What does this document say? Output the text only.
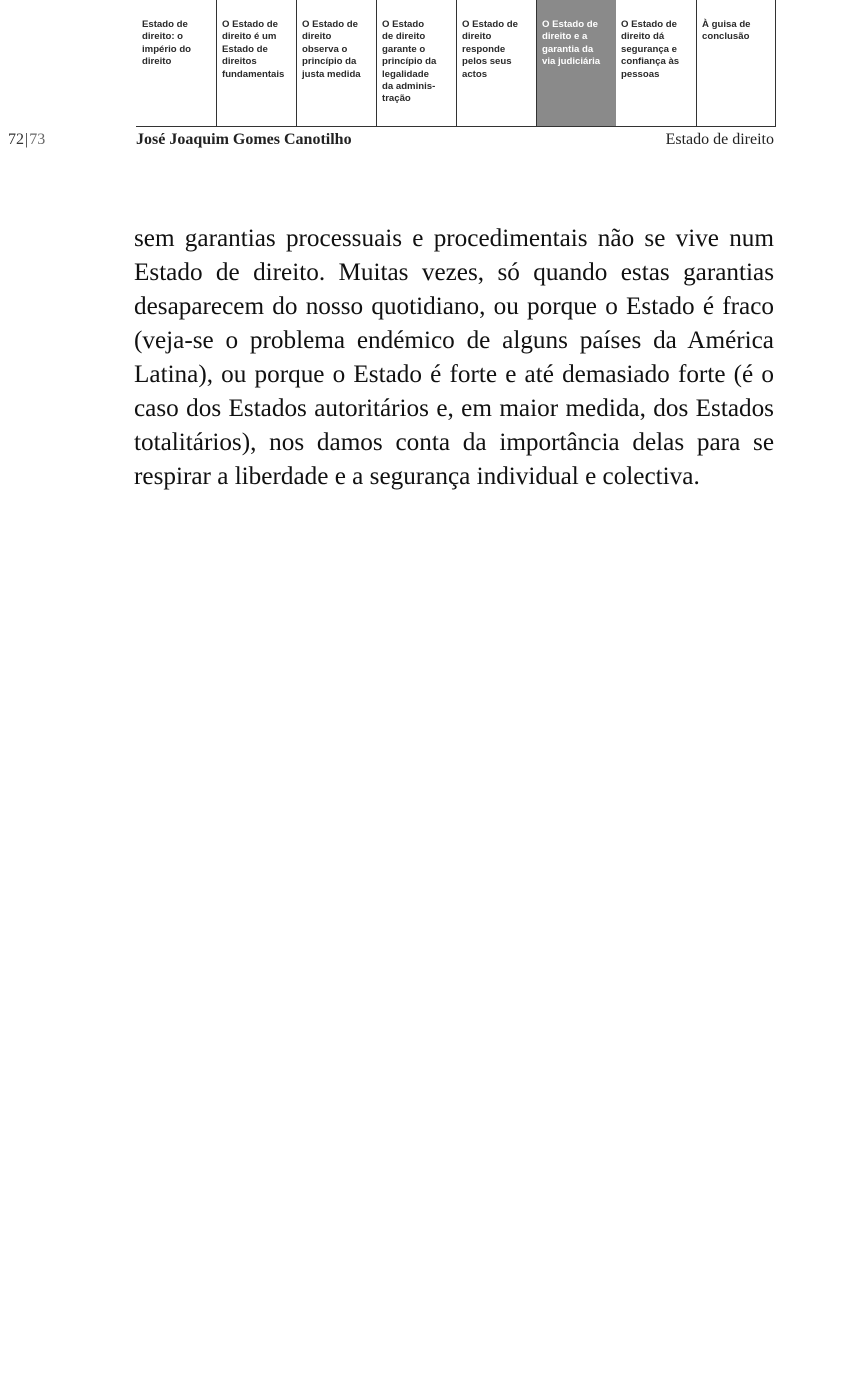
Estado de
direito: o
império do
direito
O Estado de
direito é um
Estado de
direitos
fundamentais
O Estado de
direito
observa o
princípio da
justa medida
O Estado
de direito
garante o
princípio da
legalidade
da adminis-
tração
O Estado de
direito
responde
pelos seus
actos
O Estado de
direito e a
garantia da
via judiciária
O Estado de
direito dá
segurança e
confiança às
pessoas
À guisa de
conclusão
72|73	José Joaquim Gomes Canotilho	Estado de direito

sem garantias processuais e procedimentais não se vive num Estado de direito. Muitas vezes, só quando estas garantias desaparecem do nosso quotidiano, ou porque o Estado é fraco (veja-se o problema endémico de alguns países da América Latina), ou porque o Estado é forte e até demasiado forte (é o caso dos Estados autoritários e, em maior medida, dos Estados totalitários), nos damos conta da importância delas para se respirar a liberdade e a segurança individual e colectiva.
